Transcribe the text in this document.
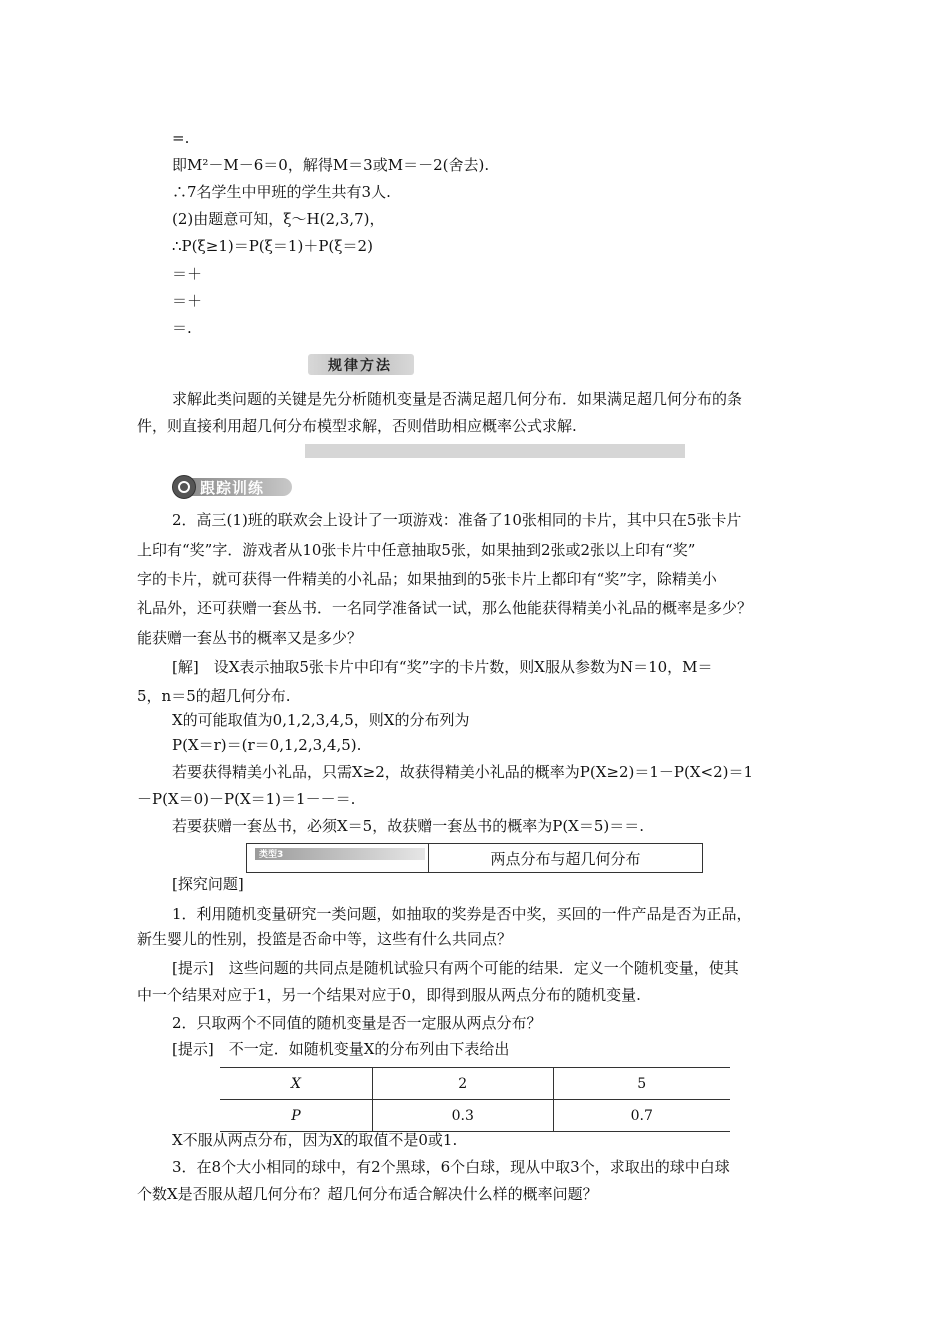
=.
即M²－M－6＝0，解得M＝3或M＝－2(舍去).
∴7名学生中甲班的学生共有3人.
(2)由题意可知，ξ～H(2,3,7)，
∴P(ξ≥1)＝P(ξ＝1)＋P(ξ＝2)
＝＋
＝＋
＝.
规律方法
求解此类问题的关键是先分析随机变量是否满足超几何分布．如果满足超几何分布的条
件，则直接利用超几何分布模型求解，否则借助相应概率公式求解.
跟踪训练
2．高三(1)班的联欢会上设计了一项游戏：准备了10张相同的卡片，其中只在5张卡片
上印有“奖”字．游戏者从10张卡片中任意抽取5张，如果抽到2张或2张以上印有“奖”
字的卡片，就可获得一件精美的小礼品；如果抽到的5张卡片上都印有“奖”字，除精美小
礼品外，还可获赠一套丛书．一名同学准备试一试，那么他能获得精美小礼品的概率是多少？
能获赠一套丛书的概率又是多少？
[解]　设X表示抽取5张卡片中印有“奖”字的卡片数，则X服从参数为N＝10，M＝
5，n＝5的超几何分布.
X的可能取值为0,1,2,3,4,5，则X的分布列为
P(X＝r)＝(r＝0,1,2,3,4,5).
若要获得精美小礼品，只需X≥2，故获得精美小礼品的概率为P(X≥2)＝1－P(X<2)＝1
－P(X＝0)－P(X＝1)＝1－－＝.
若要获赠一套丛书，必须X＝5，故获赠一套丛书的概率为P(X＝5)＝＝.
类型3	两点分布与超几何分布
[探究问题]
1．利用随机变量研究一类问题，如抽取的奖券是否中奖，买回的一件产品是否为正品，
新生婴儿的性别，投篮是否命中等，这些有什么共同点？
[提示]　这些问题的共同点是随机试验只有两个可能的结果．定义一个随机变量，使其
中一个结果对应于1，另一个结果对应于0，即得到服从两点分布的随机变量.
2．只取两个不同值的随机变量是否一定服从两点分布？
[提示]　不一定．如随机变量X的分布列由下表给出
X	2	5
P	0.3	0.7
X不服从两点分布，因为X的取值不是0或1.
3．在8个大小相同的球中，有2个黑球，6个白球，现从中取3个，求取出的球中白球
个数X是否服从超几何分布？超几何分布适合解决什么样的概率问题？
